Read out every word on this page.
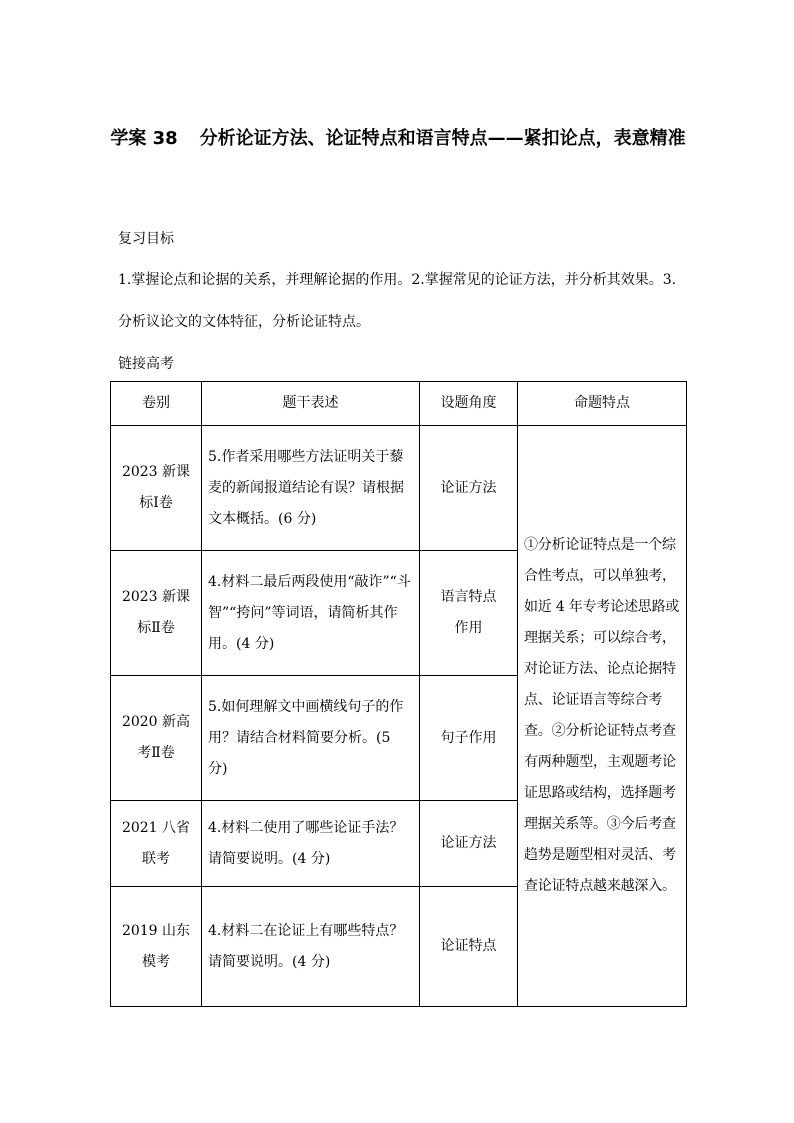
学案 38 分析论证方法、论证特点和语言特点——紧扣论点，表意精准
复习目标
1.掌握论点和论据的关系，并理解论据的作用。2.掌握常见的论证方法，并分析其效果。3.分析议论文的文体特征，分析论证特点。
链接高考
卷别	题干表述	设题角度	命题特点
2023 新课标Ⅰ卷	5.作者采用哪些方法证明关于藜麦的新闻报道结论有误？请根据文本概括。(6 分)	论证方法	①分析论证特点是一个综合性考点，可以单独考，如近 4 年专考论述思路或理据关系；可以综合考，对论证方法、论点论据特点、论证语言等综合考查。②分析论证特点考查有两种题型，主观题考论证思路或结构，选择题考理据关系等。③今后考查趋势是题型相对灵活、考查论证特点越来越深入。
2023 新课标Ⅱ卷	4.材料二最后两段使用“敲诈”“斗智”“挎问”等词语，请简析其作用。(4 分)	语言特点作用	
2020 新高考Ⅱ卷	5.如何理解文中画横线句子的作用？请结合材料简要分析。(5 分)	句子作用	
2021 八省联考	4.材料二使用了哪些论证手法？请简要说明。(4 分)	论证方法	
2019 山东模考	4.材料二在论证上有哪些特点？请简要说明。(4 分)	论证特点	
